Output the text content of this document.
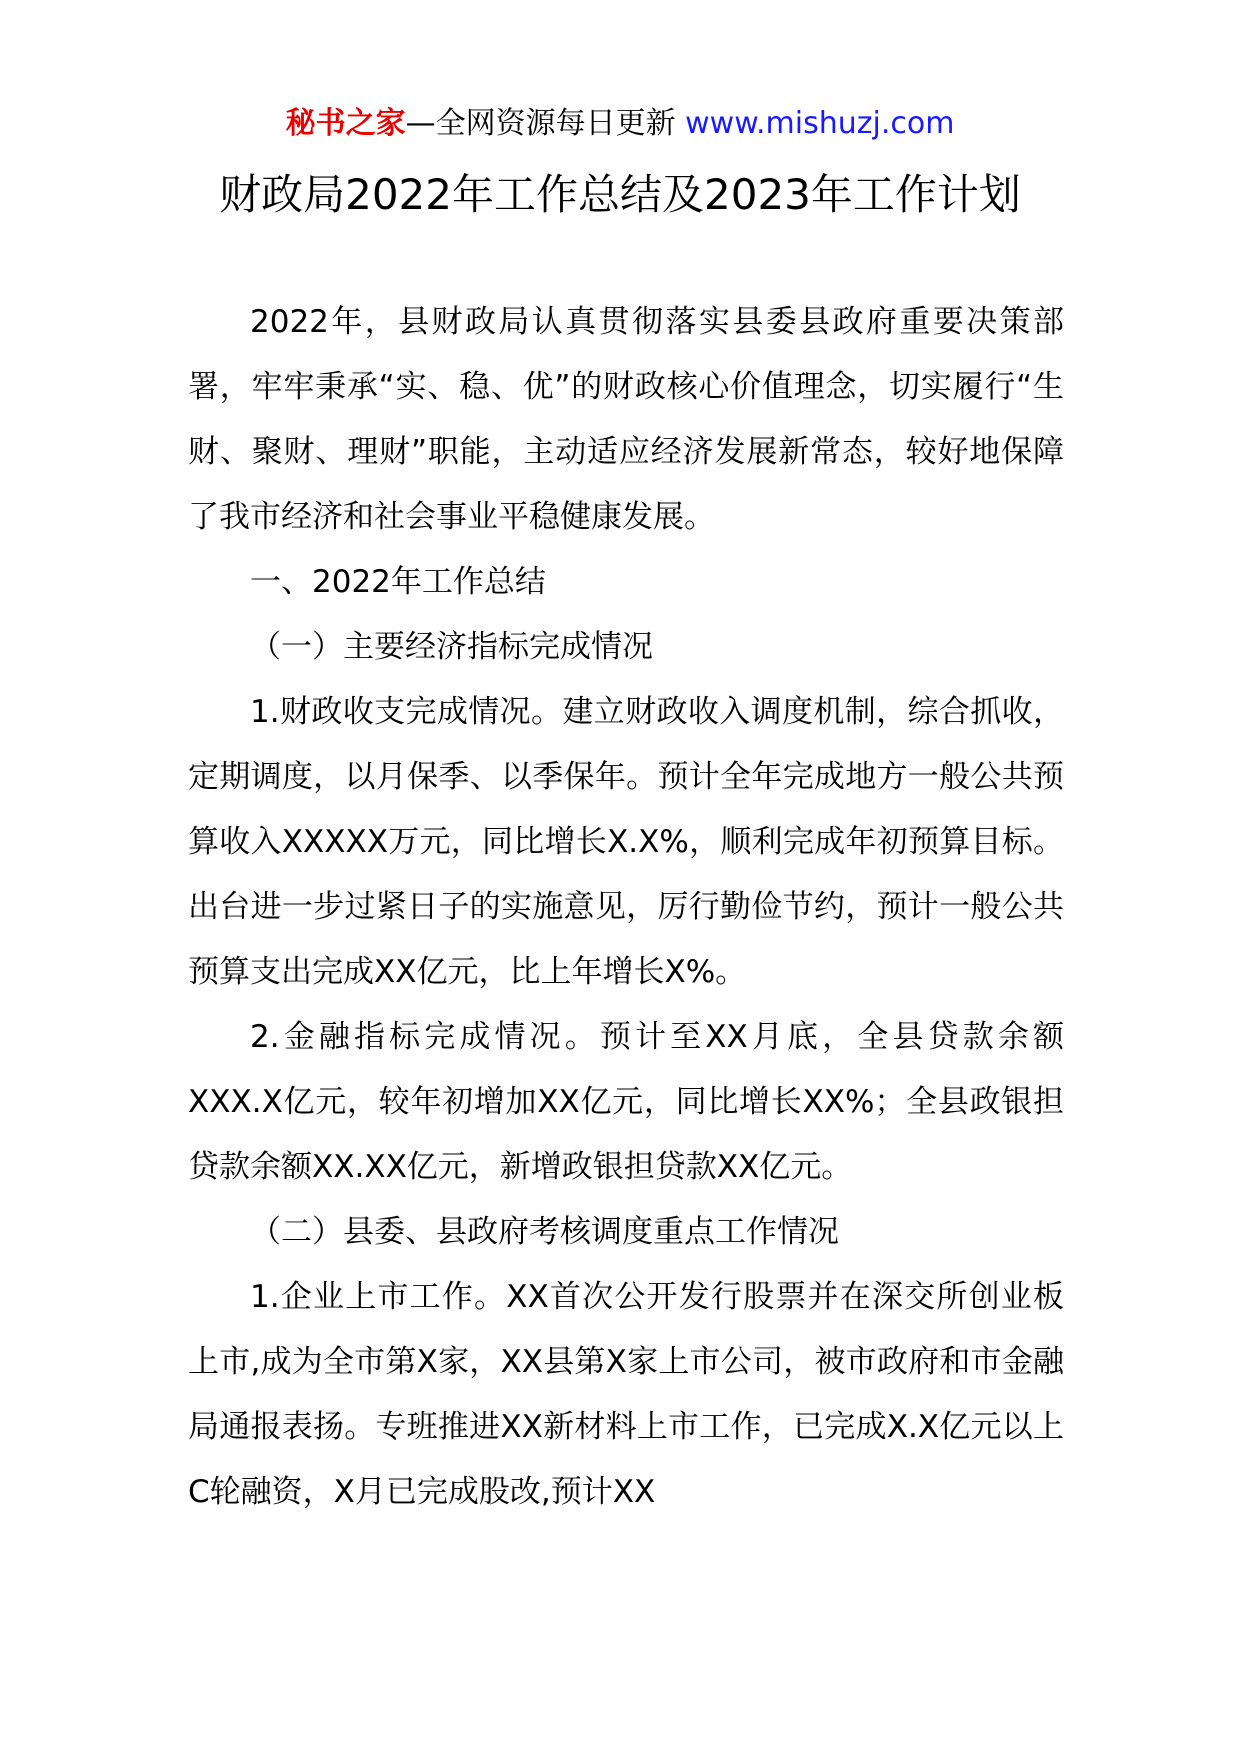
秘书之家—全网资源每日更新 www.mishuzj.com
财政局2022年工作总结及2023年工作计划

2022年，县财政局认真贯彻落实县委县政府重要决策部署，牢牢秉承“实、稳、优”的财政核心价值理念，切实履行“生财、聚财、理财”职能，主动适应经济发展新常态，较好地保障了我市经济和社会事业平稳健康发展。

一、2022年工作总结

（一）主要经济指标完成情况

1.财政收支完成情况。建立财政收入调度机制，综合抓收，定期调度，以月保季、以季保年。预计全年完成地方一般公共预算收入XXXXX万元，同比增长X.X%，顺利完成年初预算目标。出台进一步过紧日子的实施意见，厉行勤俭节约，预计一般公共预算支出完成XX亿元，比上年增长X%。

2.金融指标完成情况。预计至XX月底，全县贷款余额XXX.X亿元，较年初增加XX亿元，同比增长XX%；全县政银担贷款余额XX.XX亿元，新增政银担贷款XX亿元。

（二）县委、县政府考核调度重点工作情况

1.企业上市工作。XX首次公开发行股票并在深交所创业板上市,成为全市第X家，XX县第X家上市公司，被市政府和市金融局通报表扬。专班推进XX新材料上市工作，已完成X.X亿元以上C轮融资，X月已完成股改,预计XX
